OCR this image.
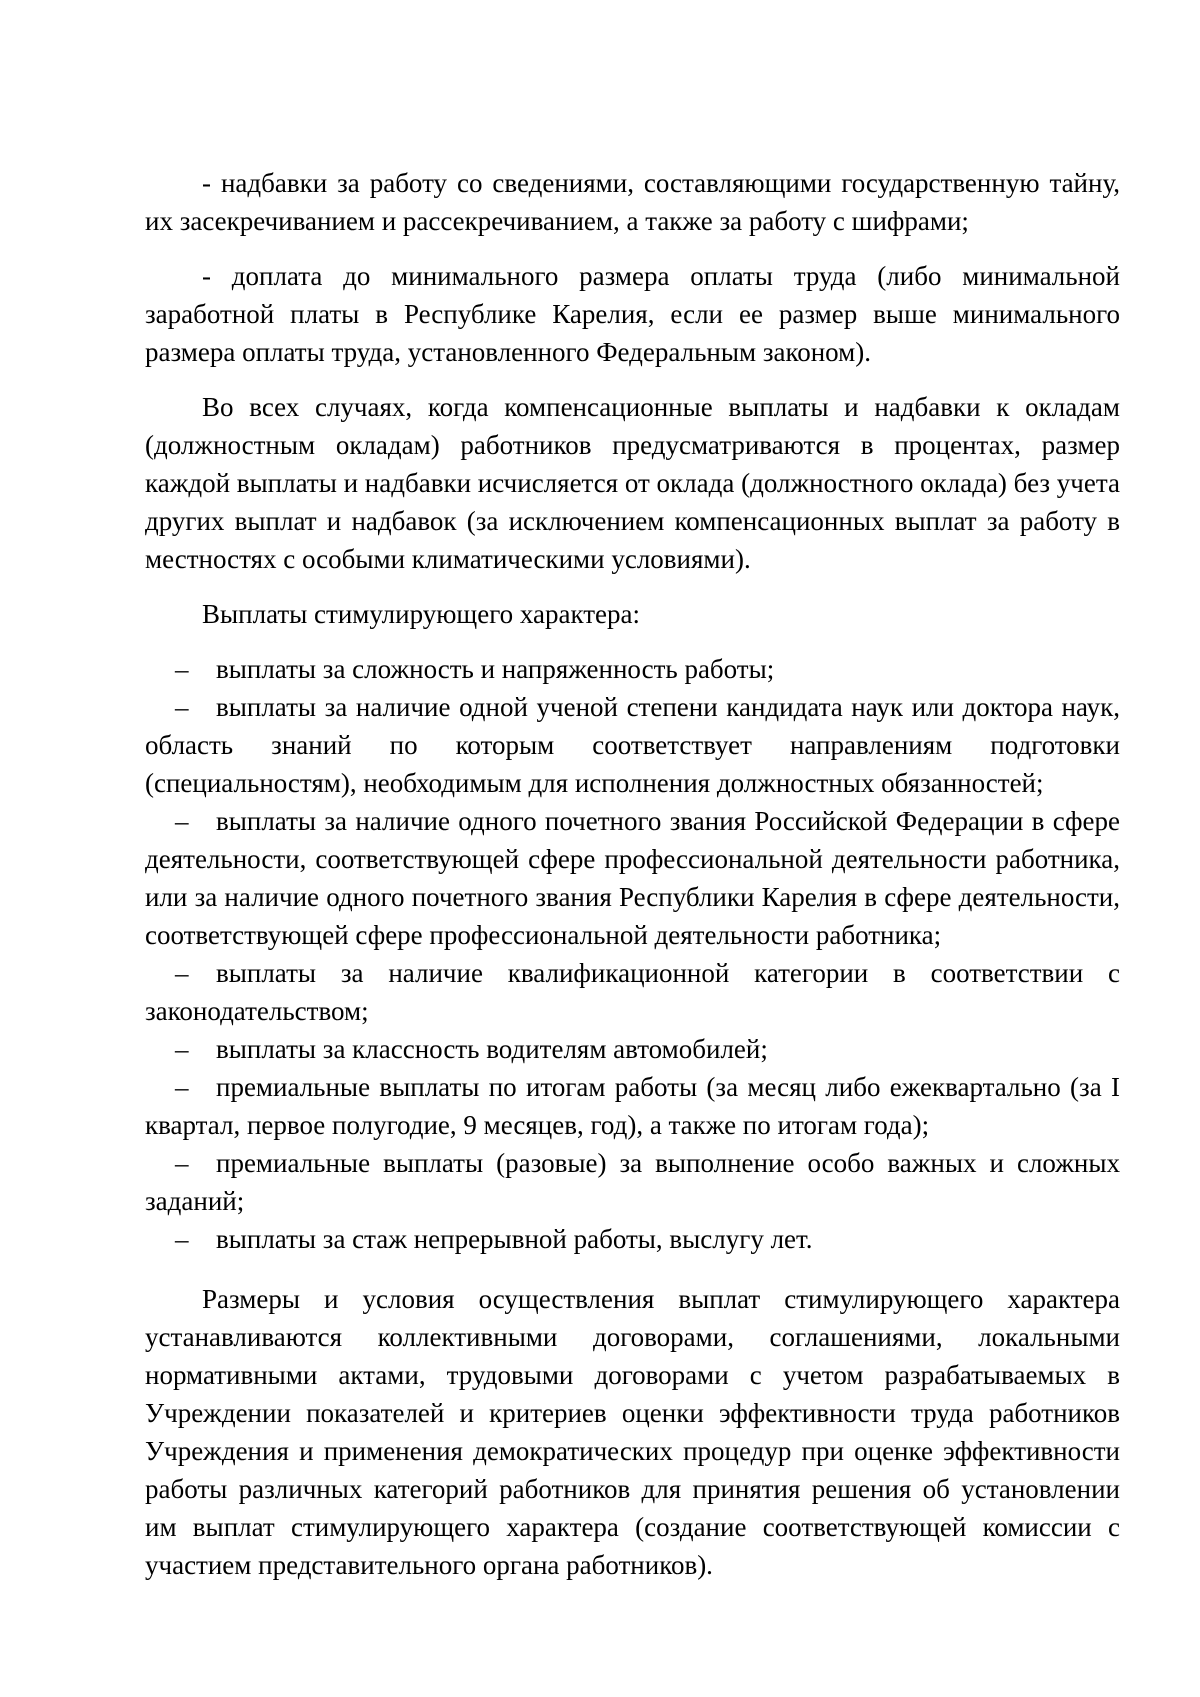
- надбавки за работу со сведениями, составляющими государственную тайну, их засекречиванием и рассекречиванием, а также за работу с шифрами;

- доплата до минимального размера оплаты труда (либо минимальной заработной платы в Республике Карелия, если ее размер выше минимального размера оплаты труда, установленного Федеральным законом).

Во всех случаях, когда компенсационные выплаты и надбавки к окладам (должностным окладам) работников предусматриваются в процентах, размер каждой выплаты и надбавки исчисляется от оклада (должностного оклада) без учета других выплат и надбавок (за исключением компенсационных выплат за работу в местностях с особыми климатическими условиями).

Выплаты стимулирующего характера:

– выплаты за сложность и напряженность работы;

– выплаты за наличие одной ученой степени кандидата наук или доктора наук, область знаний по которым соответствует направлениям подготовки (специальностям), необходимым для исполнения должностных обязанностей;

– выплаты за наличие одного почетного звания Российской Федерации в сфере деятельности, соответствующей сфере профессиональной деятельности работника, или за наличие одного почетного звания Республики Карелия в сфере деятельности, соответствующей сфере профессиональной деятельности работника;

– выплаты за наличие квалификационной категории в соответствии с законодательством;

– выплаты за классность водителям автомобилей;

– премиальные выплаты по итогам работы (за месяц либо ежеквартально (за I квартал, первое полугодие, 9 месяцев, год), а также по итогам года);

– премиальные выплаты (разовые) за выполнение особо важных и сложных заданий;

– выплаты за стаж непрерывной работы, выслугу лет.

Размеры и условия осуществления выплат стимулирующего характера устанавливаются коллективными договорами, соглашениями, локальными нормативными актами, трудовыми договорами с учетом разрабатываемых в Учреждении показателей и критериев оценки эффективности труда работников Учреждения и применения демократических процедур при оценке эффективности работы различных категорий работников для принятия решения об установлении им выплат стимулирующего характера (создание соответствующей комиссии с участием представительного органа работников).
